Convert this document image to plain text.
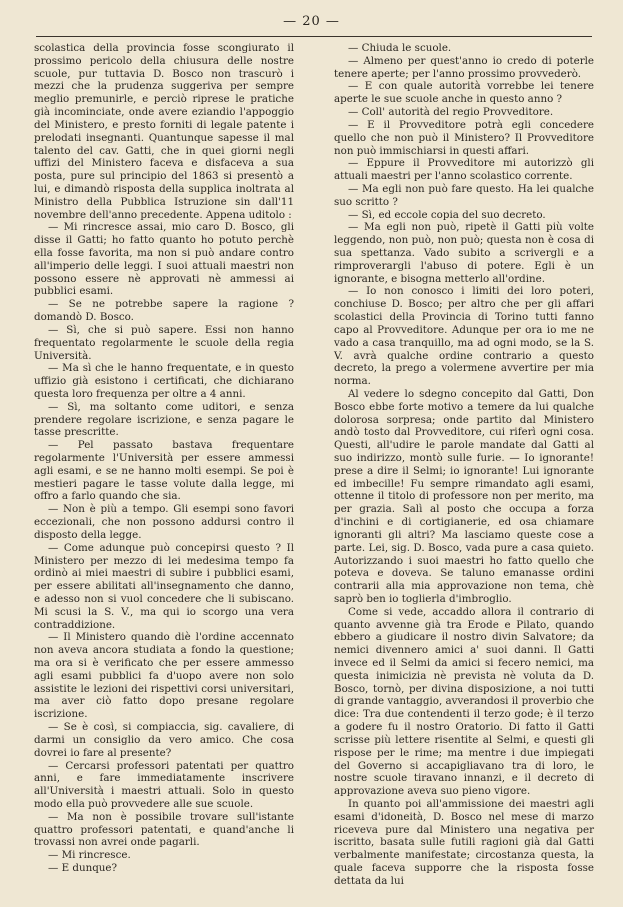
— 20 —

scolastica della provincia fosse scongiurato il prossimo pericolo della chiusura delle nostre scuole, pur tuttavia D. Bosco non trascurò i mezzi che la prudenza suggeriva per sempre meglio premunirle, e perciò riprese le pratiche già incominciate, onde avere eziandio l'appoggio del Ministero, e presto forniti di legale patente i prelodati insegnanti. Quantunque sapesse il mal talento del cav. Gatti, che in quei giorni negli uffizi del Ministero faceva e disfaceva a sua posta, pure sul principio del 1863 si presentò a lui, e dimandò risposta della supplica inoltrata al Ministro della Pubblica Istruzione sin dall'11 novembre dell'anno precedente. Appena uditolo :

— Mi rincresce assai, mio caro D. Bosco, gli disse il Gatti; ho fatto quanto ho potuto perchè ella fosse favorita, ma non si può andare contro all'imperio delle leggi. I suoi attuali maestri non possono essere nè approvati nè ammessi ai pubblici esami.

— Se ne potrebbe sapere la ragione ? domandò D. Bosco.

— Sì, che si può sapere. Essi non hanno frequentato regolarmente le scuole della regia Università.

— Ma sì che le hanno frequentate, e in questo uffizio già esistono i certificati, che dichiarano questa loro frequenza per oltre a 4 anni.

— Sì, ma soltanto come uditori, e senza prendere regolare iscrizione, e senza pagare le tasse prescritte.

— Pel passato bastava frequentare regolarmente l'Università per essere ammessi agli esami, e se ne hanno molti esempi. Se poi è mestieri pagare le tasse volute dalla legge, mi offro a farlo quando che sia.

— Non è più a tempo. Gli esempi sono favori eccezionali, che non possono addursi contro il disposto della legge.

— Come adunque può concepirsi questo ? Il Ministero per mezzo di lei medesima tempo fa ordinò ai miei maestri di subire i pubblici esami, per essere abilitati all'insegnamento che danno, e adesso non si vuol concedere che li subiscano. Mi scusi la S. V., ma qui io scorgo una vera contraddizione.

— Il Ministero quando diè l'ordine accennato non aveva ancora studiata a fondo la questione; ma ora si è verificato che per essere ammesso agli esami pubblici fa d'uopo avere non solo assistite le lezioni dei rispettivi corsi universitari, ma aver ciò fatto dopo presane regolare iscrizione.

— Se è così, si compiaccia, sig. cavaliere, di darmi un consiglio da vero amico. Che cosa dovrei io fare al presente?

— Cercarsi professori patentati per quattro anni, e fare immediatamente inscrivere all'Università i maestri attuali. Solo in questo modo ella può provvedere alle sue scuole.

— Ma non è possibile trovare sull'istante quattro professori patentati, e quand'anche li trovassi non avrei onde pagarli.

— Mi rincresce.

— E dunque?

— Chiuda le scuole.

— Almeno per quest'anno io credo di poterle tenere aperte; per l'anno prossimo provvederò.

— E con quale autorità vorrebbe lei tenere aperte le sue scuole anche in questo anno ?

— Coll' autorità del regio Provveditore.

— E il Provveditore potrà egli concedere quello che non può il Ministero? Il Provveditore non può immischiarsi in questi affari.

— Eppure il Provveditore mi autorizzò gli attuali maestri per l'anno scolastico corrente.

— Ma egli non può fare questo. Ha lei qualche suo scritto ?

— Sì, ed eccole copia del suo decreto.

— Ma egli non può, ripetè il Gatti più volte leggendo, non può, non può; questa non è cosa di sua spettanza. Vado subito a scrivergli e a rimproverargli l'abuso di potere. Egli è un ignorante, e bisogna metterlo all'ordine.

— Io non conosco i limiti dei loro poteri, conchiuse D. Bosco; per altro che per gli affari scolastici della Provincia di Torino tutti fanno capo al Provveditore. Adunque per ora io me ne vado a casa tranquillo, ma ad ogni modo, se la S. V. avrà qualche ordine contrario a questo decreto, la prego a volermene avvertire per mia norma.

Al vedere lo sdegno concepito dal Gatti, Don Bosco ebbe forte motivo a temere da lui qualche dolorosa sorpresa; onde partito dal Ministero andò tosto dal Provveditore, cui riferì ogni cosa. Questi, all'udire le parole mandate dal Gatti al suo indirizzo, montò sulle furie. — Io ignorante! prese a dire il Selmi; io ignorante! Lui ignorante ed imbecille! Fu sempre rimandato agli esami, ottenne il titolo di professore non per merito, ma per grazia. Salì al posto che occupa a forza d'inchini e di cortigianerie, ed osa chiamare ignoranti gli altri? Ma lasciamo queste cose a parte. Lei, sig. D. Bosco, vada pure a casa quieto. Autorizzando i suoi maestri ho fatto quello che poteva e doveva. Se taluno emanasse ordini contrarii alla mia approvazione non tema, chè saprò ben io toglierla d'imbroglio.

Come si vede, accaddo allora il contrario di quanto avvenne già tra Erode e Pilato, quando ebbero a giudicare il nostro divin Salvatore; da nemici divennero amici a' suoi danni. Il Gatti invece ed il Selmi da amici si fecero nemici, ma questa inimicizia nè prevista nè voluta da D. Bosco, tornò, per divina disposizione, a noi tutti di grande vantaggio, avverandosi il proverbio che dice: Tra due contendenti il terzo gode; è il terzo a godere fu il nostro Oratorio. Di fatto il Gatti scrisse più lettere risentite al Selmi, e questi gli rispose per le rime; ma mentre i due impiegati del Governo si accapigliavano tra di loro, le nostre scuole tiravano innanzi, e il decreto di approvazione aveva suo pieno vigore.

In quanto poi all'ammissione dei maestri agli esami d'idoneità, D. Bosco nel mese di marzo riceveva pure dal Ministero una negativa per iscritto, basata sulle futili ragioni già dal Gatti verbalmente manifestate; circostanza questa, la quale faceva supporre che la risposta fosse dettata da lui
